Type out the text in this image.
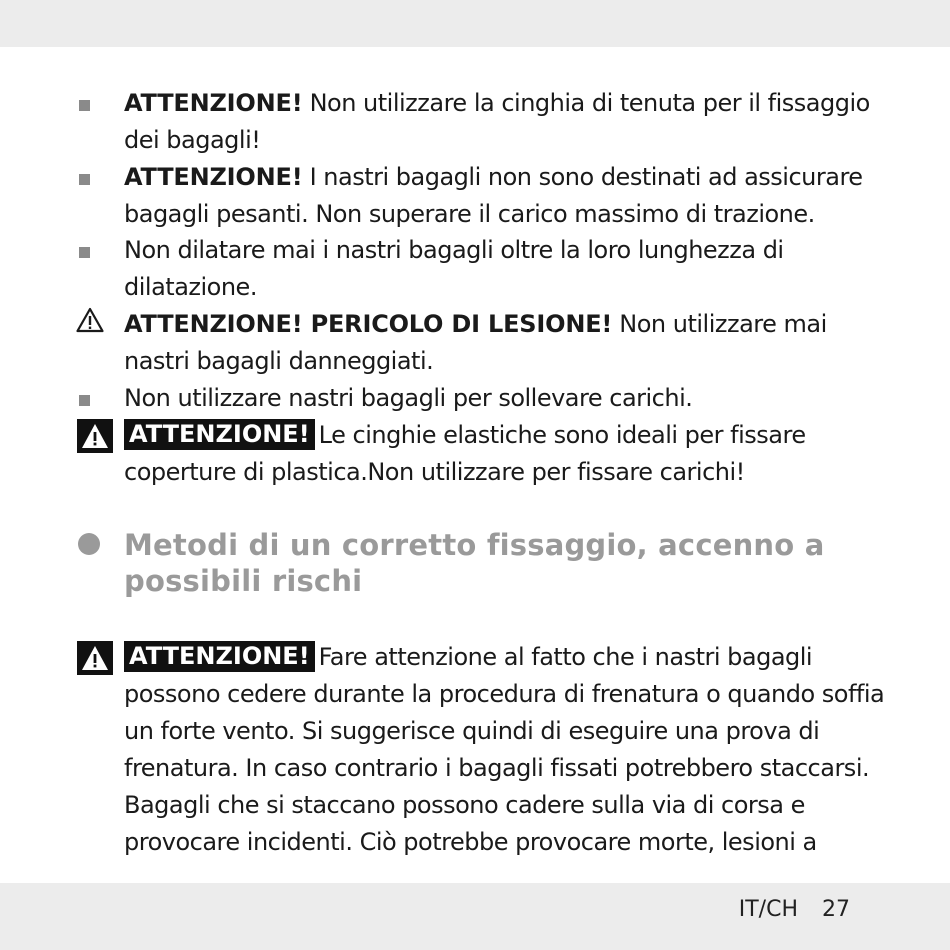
ATTENZIONE! Non utilizzare la cinghia di tenuta per il fissaggio dei bagagli!
ATTENZIONE! I nastri bagagli non sono destinati ad assicurare bagagli pesanti. Non superare il carico massimo di trazione.
Non dilatare mai i nastri bagagli oltre la loro lunghezza di dilatazione.
ATTENZIONE! PERICOLO DI LESIONE! Non utilizzare mai nastri bagagli danneggiati.
Non utilizzare nastri bagagli per sollevare carichi.
ATTENZIONE! Le cinghie elastiche sono ideali per fissare coperture di plastica.Non utilizzare per fissare carichi!
Metodi di un corretto fissaggio, accenno a possibili rischi
ATTENZIONE! Fare attenzione al fatto che i nastri bagagli possono cedere durante la procedura di frenatura o quando soffia un forte vento. Si suggerisce quindi di eseguire una prova di frenatura. In caso contrario i bagagli fissati potrebbero staccarsi. Bagagli che si staccano possono cadere sulla via di corsa e provocare incidenti. Ciò potrebbe provocare morte, lesioni a
IT/CH 27
